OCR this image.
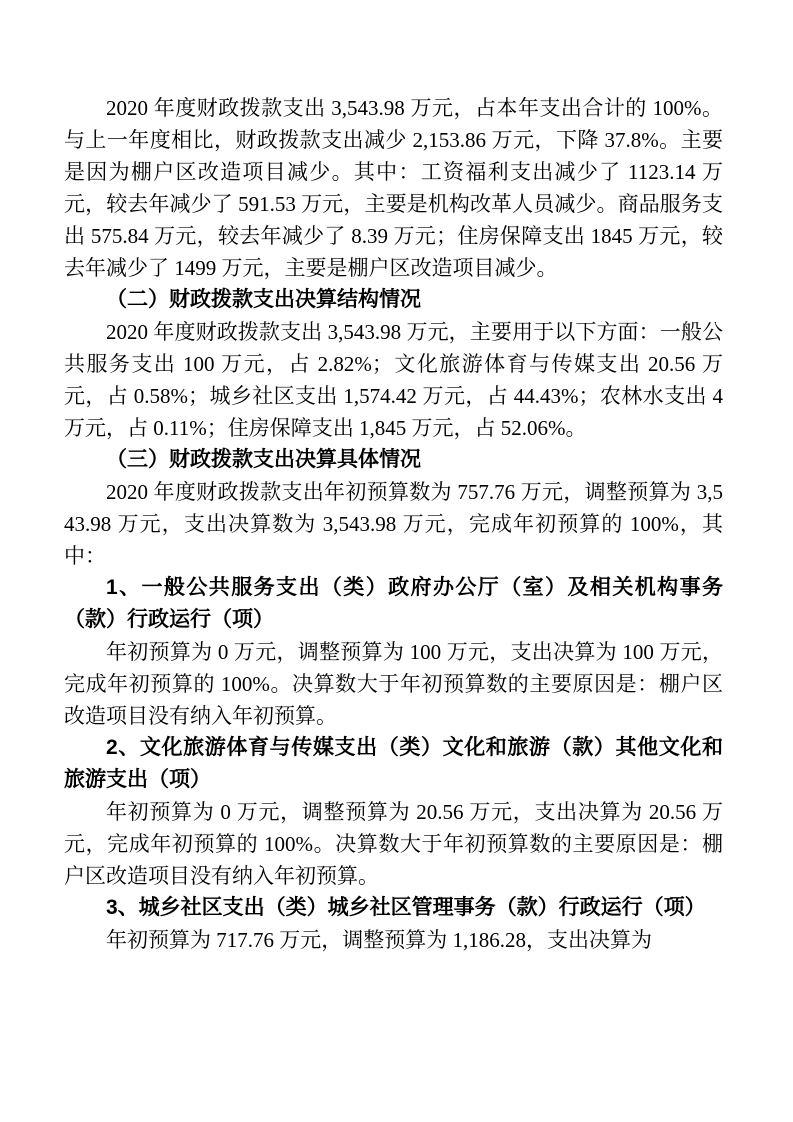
2020 年度财政拨款支出 3,543.98 万元，占本年支出合计的 100%。与上一年度相比，财政拨款支出减少 2,153.86 万元，下降 37.8%。主要是因为棚户区改造项目减少。其中：工资福利支出减少了 1123.14 万元，较去年减少了 591.53 万元，主要是机构改革人员减少。商品服务支出 575.84 万元，较去年减少了 8.39 万元；住房保障支出 1845 万元，较去年减少了 1499 万元，主要是棚户区改造项目减少。

（二）财政拨款支出决算结构情况

2020 年度财政拨款支出 3,543.98 万元，主要用于以下方面：一般公共服务支出 100 万元，占 2.82%；文化旅游体育与传媒支出 20.56 万元，占 0.58%；城乡社区支出 1,574.42 万元，占 44.43%；农林水支出 4 万元，占 0.11%；住房保障支出 1,845 万元，占 52.06%。

（三）财政拨款支出决算具体情况

2020 年度财政拨款支出年初预算数为 757.76 万元，调整预算为 3,543.98 万元，支出决算数为 3,543.98 万元，完成年初预算的 100%，其中：

1、一般公共服务支出（类）政府办公厅（室）及相关机构事务（款）行政运行（项）

年初预算为 0 万元，调整预算为 100 万元，支出决算为 100 万元，完成年初预算的 100%。决算数大于年初预算数的主要原因是：棚户区改造项目没有纳入年初预算。

2、文化旅游体育与传媒支出（类）文化和旅游（款）其他文化和旅游支出（项）

年初预算为 0 万元，调整预算为 20.56 万元，支出决算为 20.56 万元，完成年初预算的 100%。决算数大于年初预算数的主要原因是：棚户区改造项目没有纳入年初预算。

3、城乡社区支出（类）城乡社区管理事务（款）行政运行（项）

年初预算为 717.76 万元，调整预算为 1,186.28，支出决算为
